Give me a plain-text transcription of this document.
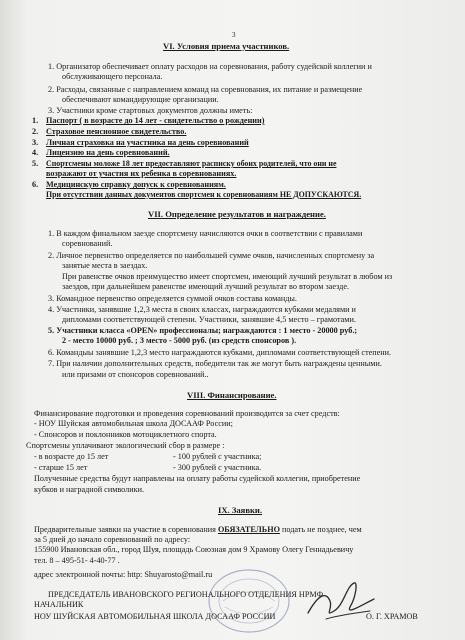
3
VI. Условия приема участников.
1. Организатор обеспечивает оплату расходов на соревнования, работу судейской коллегии и
обслуживающего персонала.
2. Расходы, связанные с направлением команд на соревнования, их питание и размещение
обеспечивают командирующие организации.
3. Участники кроме стартовых документов должны иметь:
1. Паспорт ( в возрасте до 14 лет - свидетельство о рождении)
2. Страховое пенсионное свидетельство.
3. Личная страховка на участника на день соревнований
4. Лицензию на день соревнований.
5. Спортсмены моложе 18 лет предоставляют расписку обоих родителей, что они не
возражают от участия их ребенка в соревнованиях.
6. Медицинскую справку допуск к соревнованиям.
При отсутствии данных документов спортсмен к соревнованиям НЕ ДОПУСКАЮТСЯ.
VII. Определение результатов и награждение.
1. В каждом финальном заезде спортсмену начисляются очки в соответствии с правилами
соревнований.
2. Личное первенство определяется по наибольшей сумме очков, начисленных спортсмену за
занятые места в заездах.
При равенстве очков преимущество имеет спортсмен, имеющий лучший результат в любом из
заездов, при дальнейшем равенстве имеющий лучший результат во втором заезде.
3. Командное первенство определяется суммой очков состава команды.
4. Участники, занявшие 1,2,3 места в своих классах, награждаются кубками медалями и
дипломами соответствующей степени. Участники, занявшие 4,5 место – грамотами.
5. Участники класса «OPEN» профессионалы; награждаются : 1 место - 20000 руб.;
2 - место 10000 руб. ; 3 место - 5000 руб. (из средств спонсоров ).
6. Командыы занявшие 1,2,3 место награждаются кубками, дипломами соответствующей степени.
7. При наличии дополнительных средств, победители так же могут быть награждены ценными.
или призами от спонсоров соревнований..
VIII. Финансирование.
Финансирование подготовки и проведения соревнований производится за счет средств:
- НОУ Шуйская автомобильная школа ДОСААФ России;
- Спонсоров и поклонников мотоциклетного спорта.
Спортсмены уплачивают экологический сбор в размере :
- в возрасте до 15 лет	- 100 рублей с участника;
- старше 15 лет	- 300 рублей с участника.
Полученные средства будут направлены на оплату работы судейской коллегии, приобретение
кубков и наградной символики.
IX. Заявки.
Предварительные заявки на участие в соревнования ОБЯЗАТЕЛЬНО подать не позднее, чем
за 5 дней до начало соревнований по адресу:
155900 Ивановская обл., город Шуя, площадь Союзная дом 9 Храмову Олегу Геннадьевичу
тел. 8 – 495-51- 4-40-77 .
адрес электронной почты: http: Shuyarosto@mail.ru
ПРЕДСЕДАТЕЛЬ ИВАНОВСКОГО РЕГИОНАЛЬНОГО ОТДЕЛЕНИЯ НРМФ
НАЧАЛЬНИК
НОУ ШУЙСКАЯ АВТОМОБИЛЬНАЯ ШКОЛА ДОСААФ РОССИИ	О. Г. ХРАМОВ
